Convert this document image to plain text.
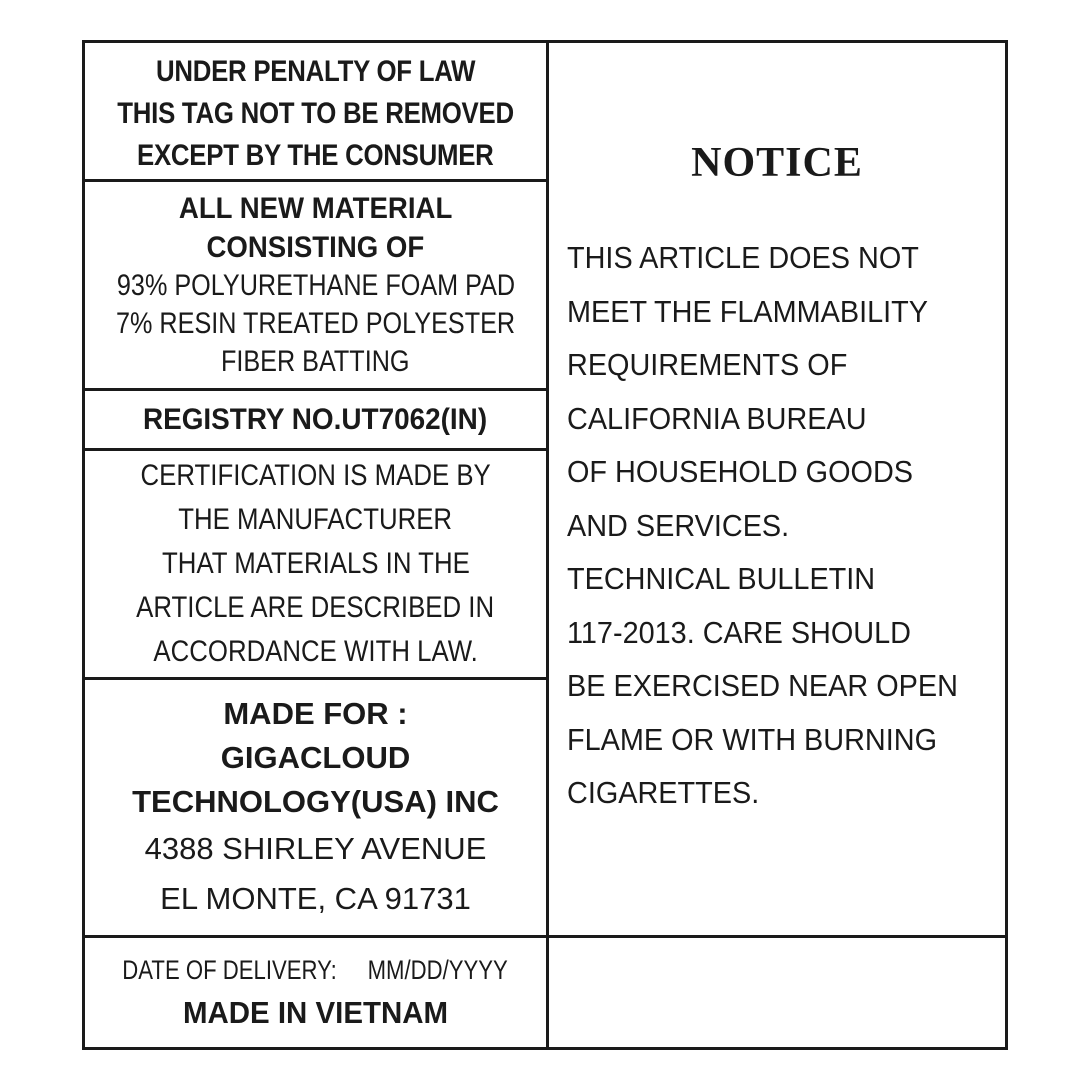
UNDER PENALTY OF LAW
THIS TAG NOT TO BE REMOVED
EXCEPT BY THE CONSUMER
ALL NEW MATERIAL
CONSISTING OF
93% POLYURETHANE FOAM PAD
7% RESIN TREATED POLYESTER
FIBER BATTING
REGISTRY NO.UT7062(IN)
CERTIFICATION IS MADE BY
THE MANUFACTURER
THAT MATERIALS IN THE
ARTICLE ARE DESCRIBED IN
ACCORDANCE WITH LAW.
MADE FOR :
GIGACLOUD
TECHNOLOGY(USA) INC
4388 SHIRLEY AVENUE
EL MONTE, CA 91731
DATE OF DELIVERY: MM/DD/YYYY
MADE IN VIETNAM
NOTICE
THIS ARTICLE DOES NOT
MEET THE FLAMMABILITY
REQUIREMENTS OF
CALIFORNIA BUREAU
OF HOUSEHOLD GOODS
AND SERVICES.
TECHNICAL BULLETIN
117-2013. CARE SHOULD
BE EXERCISED NEAR OPEN
FLAME OR WITH BURNING
CIGARETTES.
